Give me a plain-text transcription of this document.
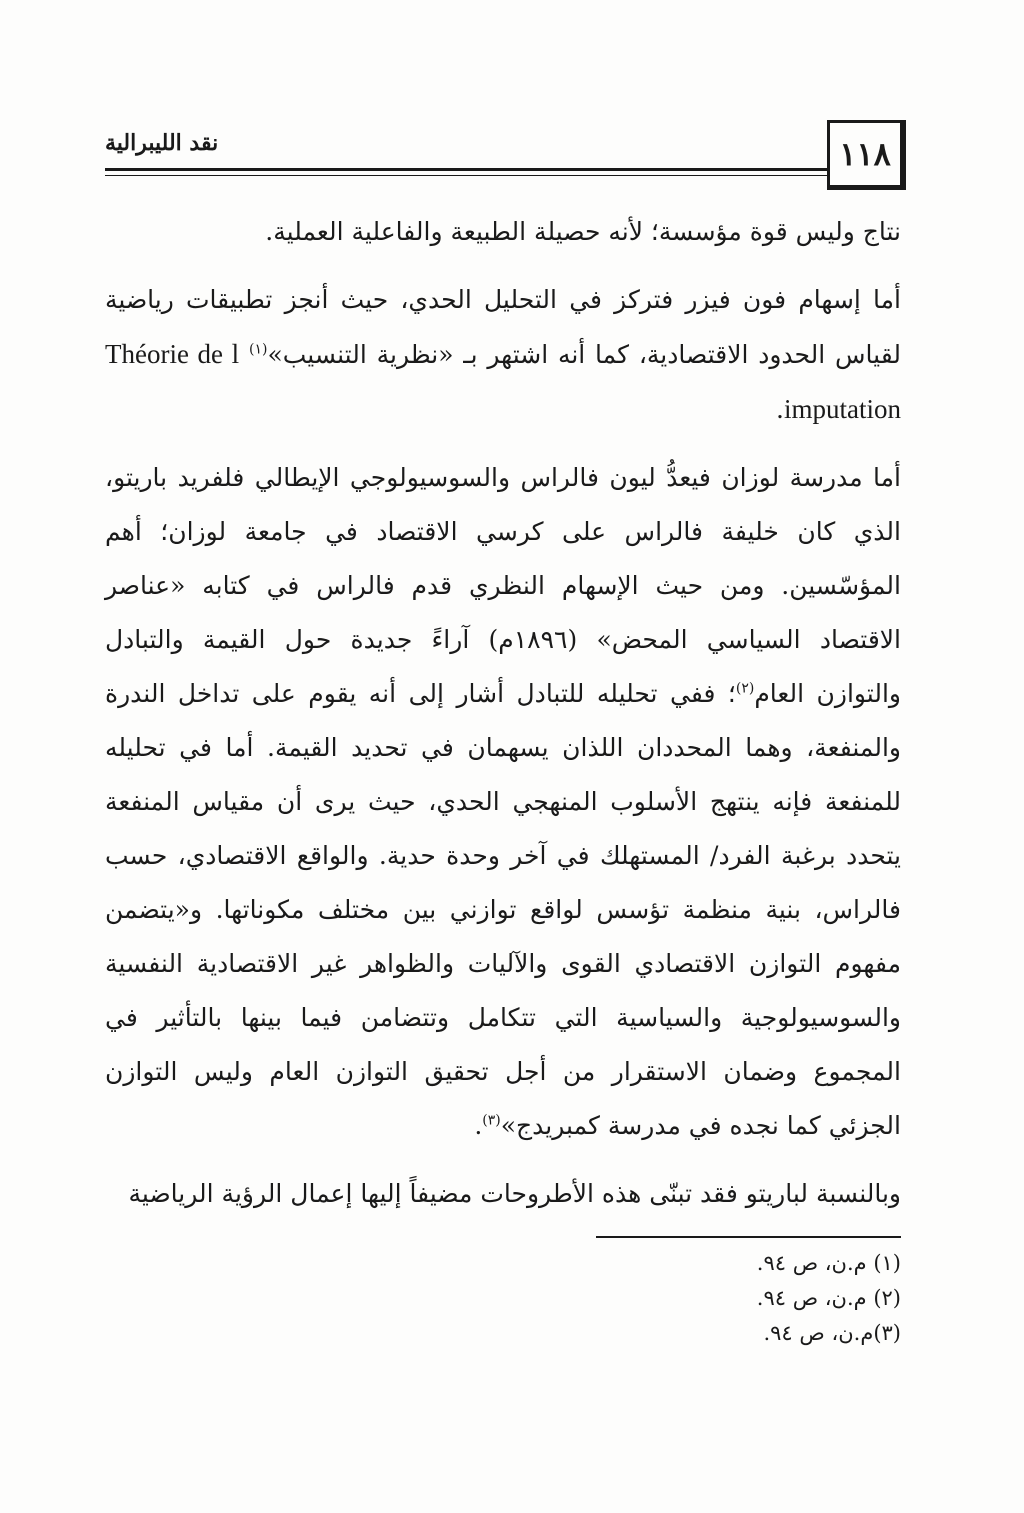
نقد الليبرالية	١١٨

نتاج وليس قوة مؤسسة؛ لأنه حصيلة الطبيعة والفاعلية العملية.

أما إسهام فون فيزر فتركز في التحليل الحدي، حيث أنجز تطبيقات رياضية لقياس الحدود الاقتصادية، كما أنه اشتهر بـ «نظرية التنسيب»$^{(١)}$ Théorie de l imputation.

أما مدرسة لوزان فيعدُّ ليون فالراس والسوسيولوجي الإيطالي فلفريد باريتو، الذي كان خليفة فالراس على كرسي الاقتصاد في جامعة لوزان؛ أهم المؤسّسين. ومن حيث الإسهام النظري قدم فالراس في كتابه «عناصر الاقتصاد السياسي المحض» (١٨٩٦م) آراءً جديدة حول القيمة والتبادل والتوازن العام$^{(٢)}$؛ ففي تحليله للتبادل أشار إلى أنه يقوم على تداخل الندرة والمنفعة، وهما المحددان اللذان يسهمان في تحديد القيمة. أما في تحليله للمنفعة فإنه ينتهج الأسلوب المنهجي الحدي، حيث يرى أن مقياس المنفعة يتحدد برغبة الفرد/ المستهلك في آخر وحدة حدية. والواقع الاقتصادي، حسب فالراس، بنية منظمة تؤسس لواقع توازني بين مختلف مكوناتها. و«يتضمن مفهوم التوازن الاقتصادي القوى والآليات والظواهر غير الاقتصادية النفسية والسوسيولوجية والسياسية التي تتكامل وتتضامن فيما بينها بالتأثير في المجموع وضمان الاستقرار من أجل تحقيق التوازن العام وليس التوازن الجزئي كما نجده في مدرسة كمبريدج»$^{(٣)}$.

وبالنسبة لباريتو فقد تبنّى هذه الأطروحات مضيفاً إليها إعمال الرؤية الرياضية

(١) م.ن، ص ٩٤.

(٢) م.ن، ص ٩٤.

(٣)م.ن، ص ٩٤.
